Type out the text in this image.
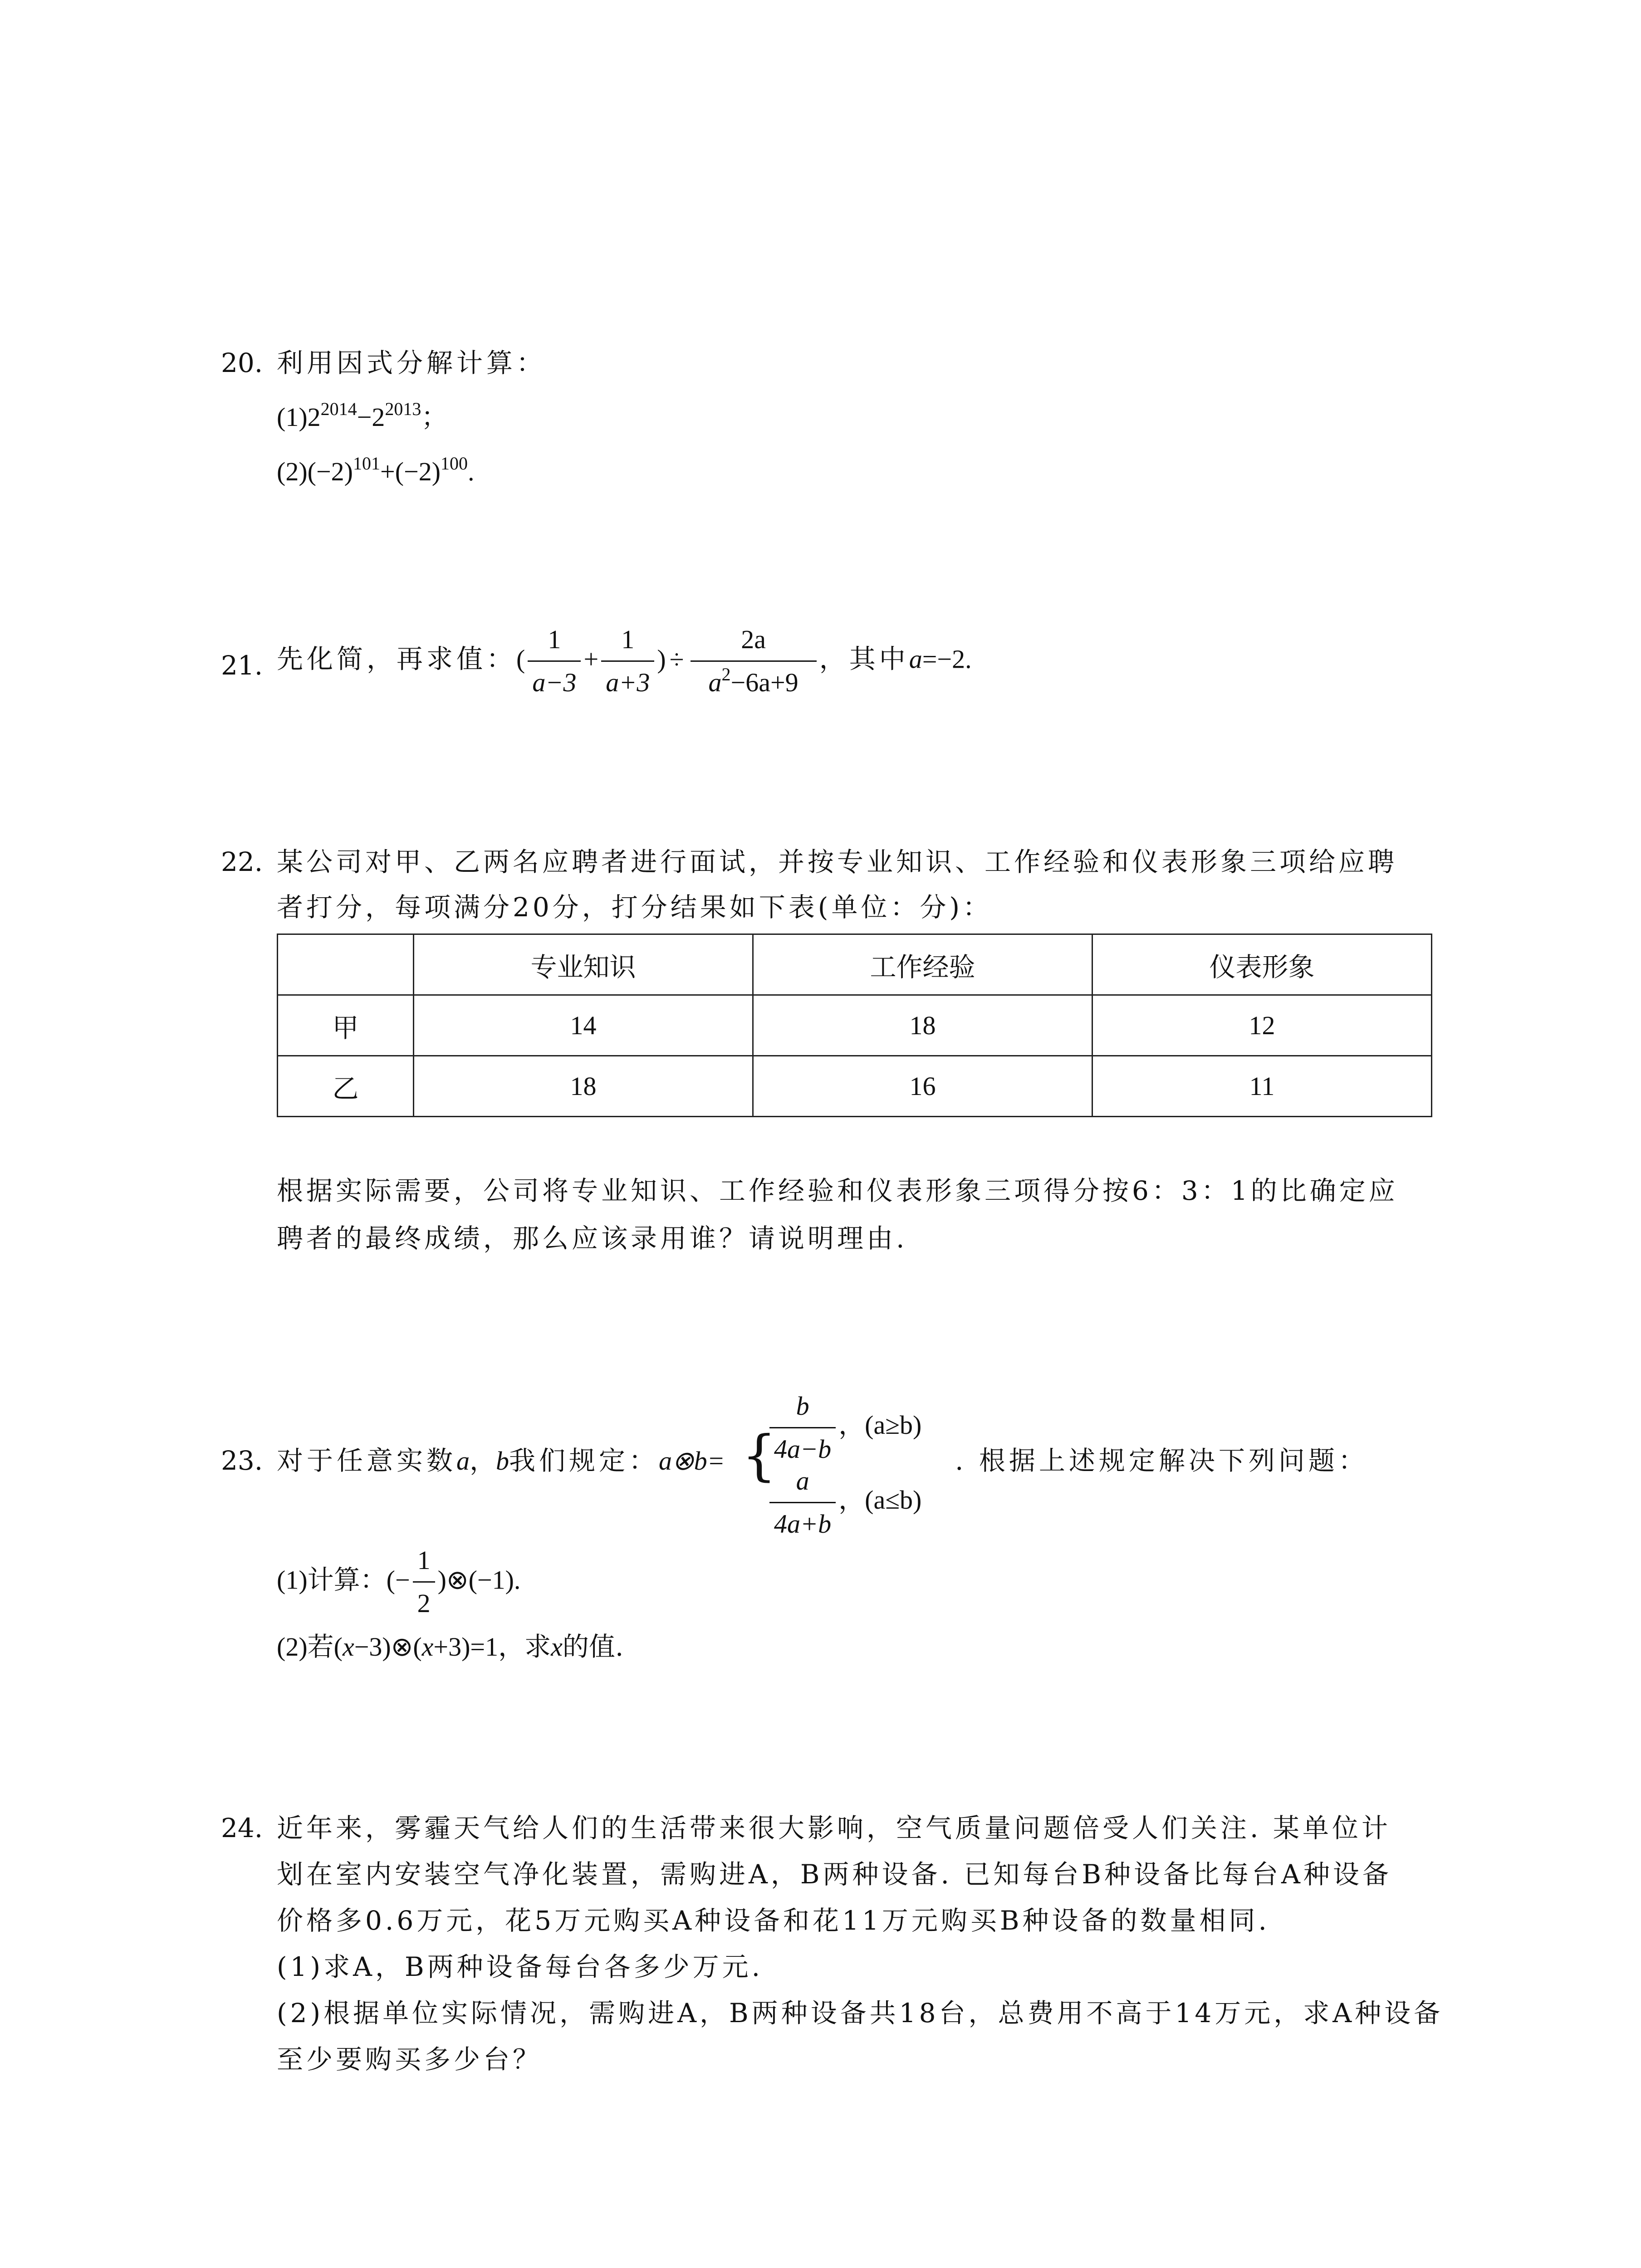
20. 利用因式分解计算：
$(1)2^{2014}-2^{2013}$；
$(2)(-2)^{101}+(-2)^{100}$.
21. 先化简，再求值：( $\frac{1}{a-3} + \frac{1}{a+3}$ ) ÷ $\frac{2a}{a^2-6a+9}$ ，其中a=−2.
22. 某公司对甲、乙两名应聘者进行面试，并按专业知识、工作经验和仪表形象三项给应聘
者打分，每项满分20分，打分结果如下表(单位：分)：
	专业知识	工作经验	仪表形象
甲	14	18	12
乙	18	16	11
根据实际需要，公司将专业知识、工作经验和仪表形象三项得分按6：3：1的比确定应
聘者的最终成绩，那么应该录用谁？请说明理由.
23. 对于任意实数a，b我们规定：a⊗b= {
$\frac{b}{4a-b}$ ，(a≥b)
$\frac{a}{4a+b}$ ，(a≤b)
. 根据上述规定解决下列问题：
(1)计算：(− $\frac{1}{2}$ )⊗(−1).
(2)若(x−3)⊗(x+3)=1，求x的值.
24. 近年来，雾霾天气给人们的生活带来很大影响，空气质量问题倍受人们关注. 某单位计
划在室内安装空气净化装置，需购进A，B两种设备. 已知每台B种设备比每台A种设备
价格多0.6万元，花5万元购买A种设备和花11万元购买B种设备的数量相同.
(1)求A，B两种设备每台各多少万元.
(2)根据单位实际情况，需购进A，B两种设备共18台，总费用不高于14万元，求A种设备
至少要购买多少台？
